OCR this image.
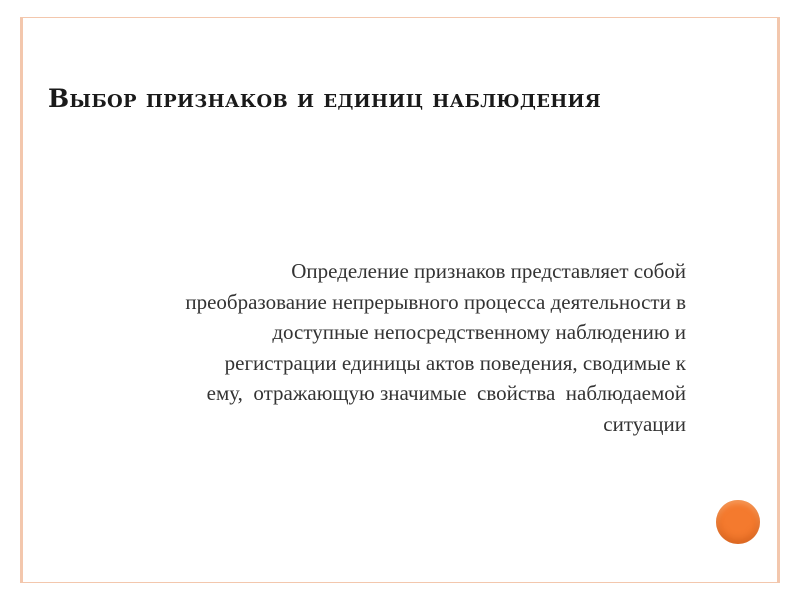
Выбор признаков и единиц наблюдения
Определение признаков представляет собой
преобразование непрерывного процесса деятельности в
доступные непосредственному наблюдению и
регистрации единицы актов поведения, сводимые к
ему,  отражающую значимые  свойства  наблюдаемой
ситуации
